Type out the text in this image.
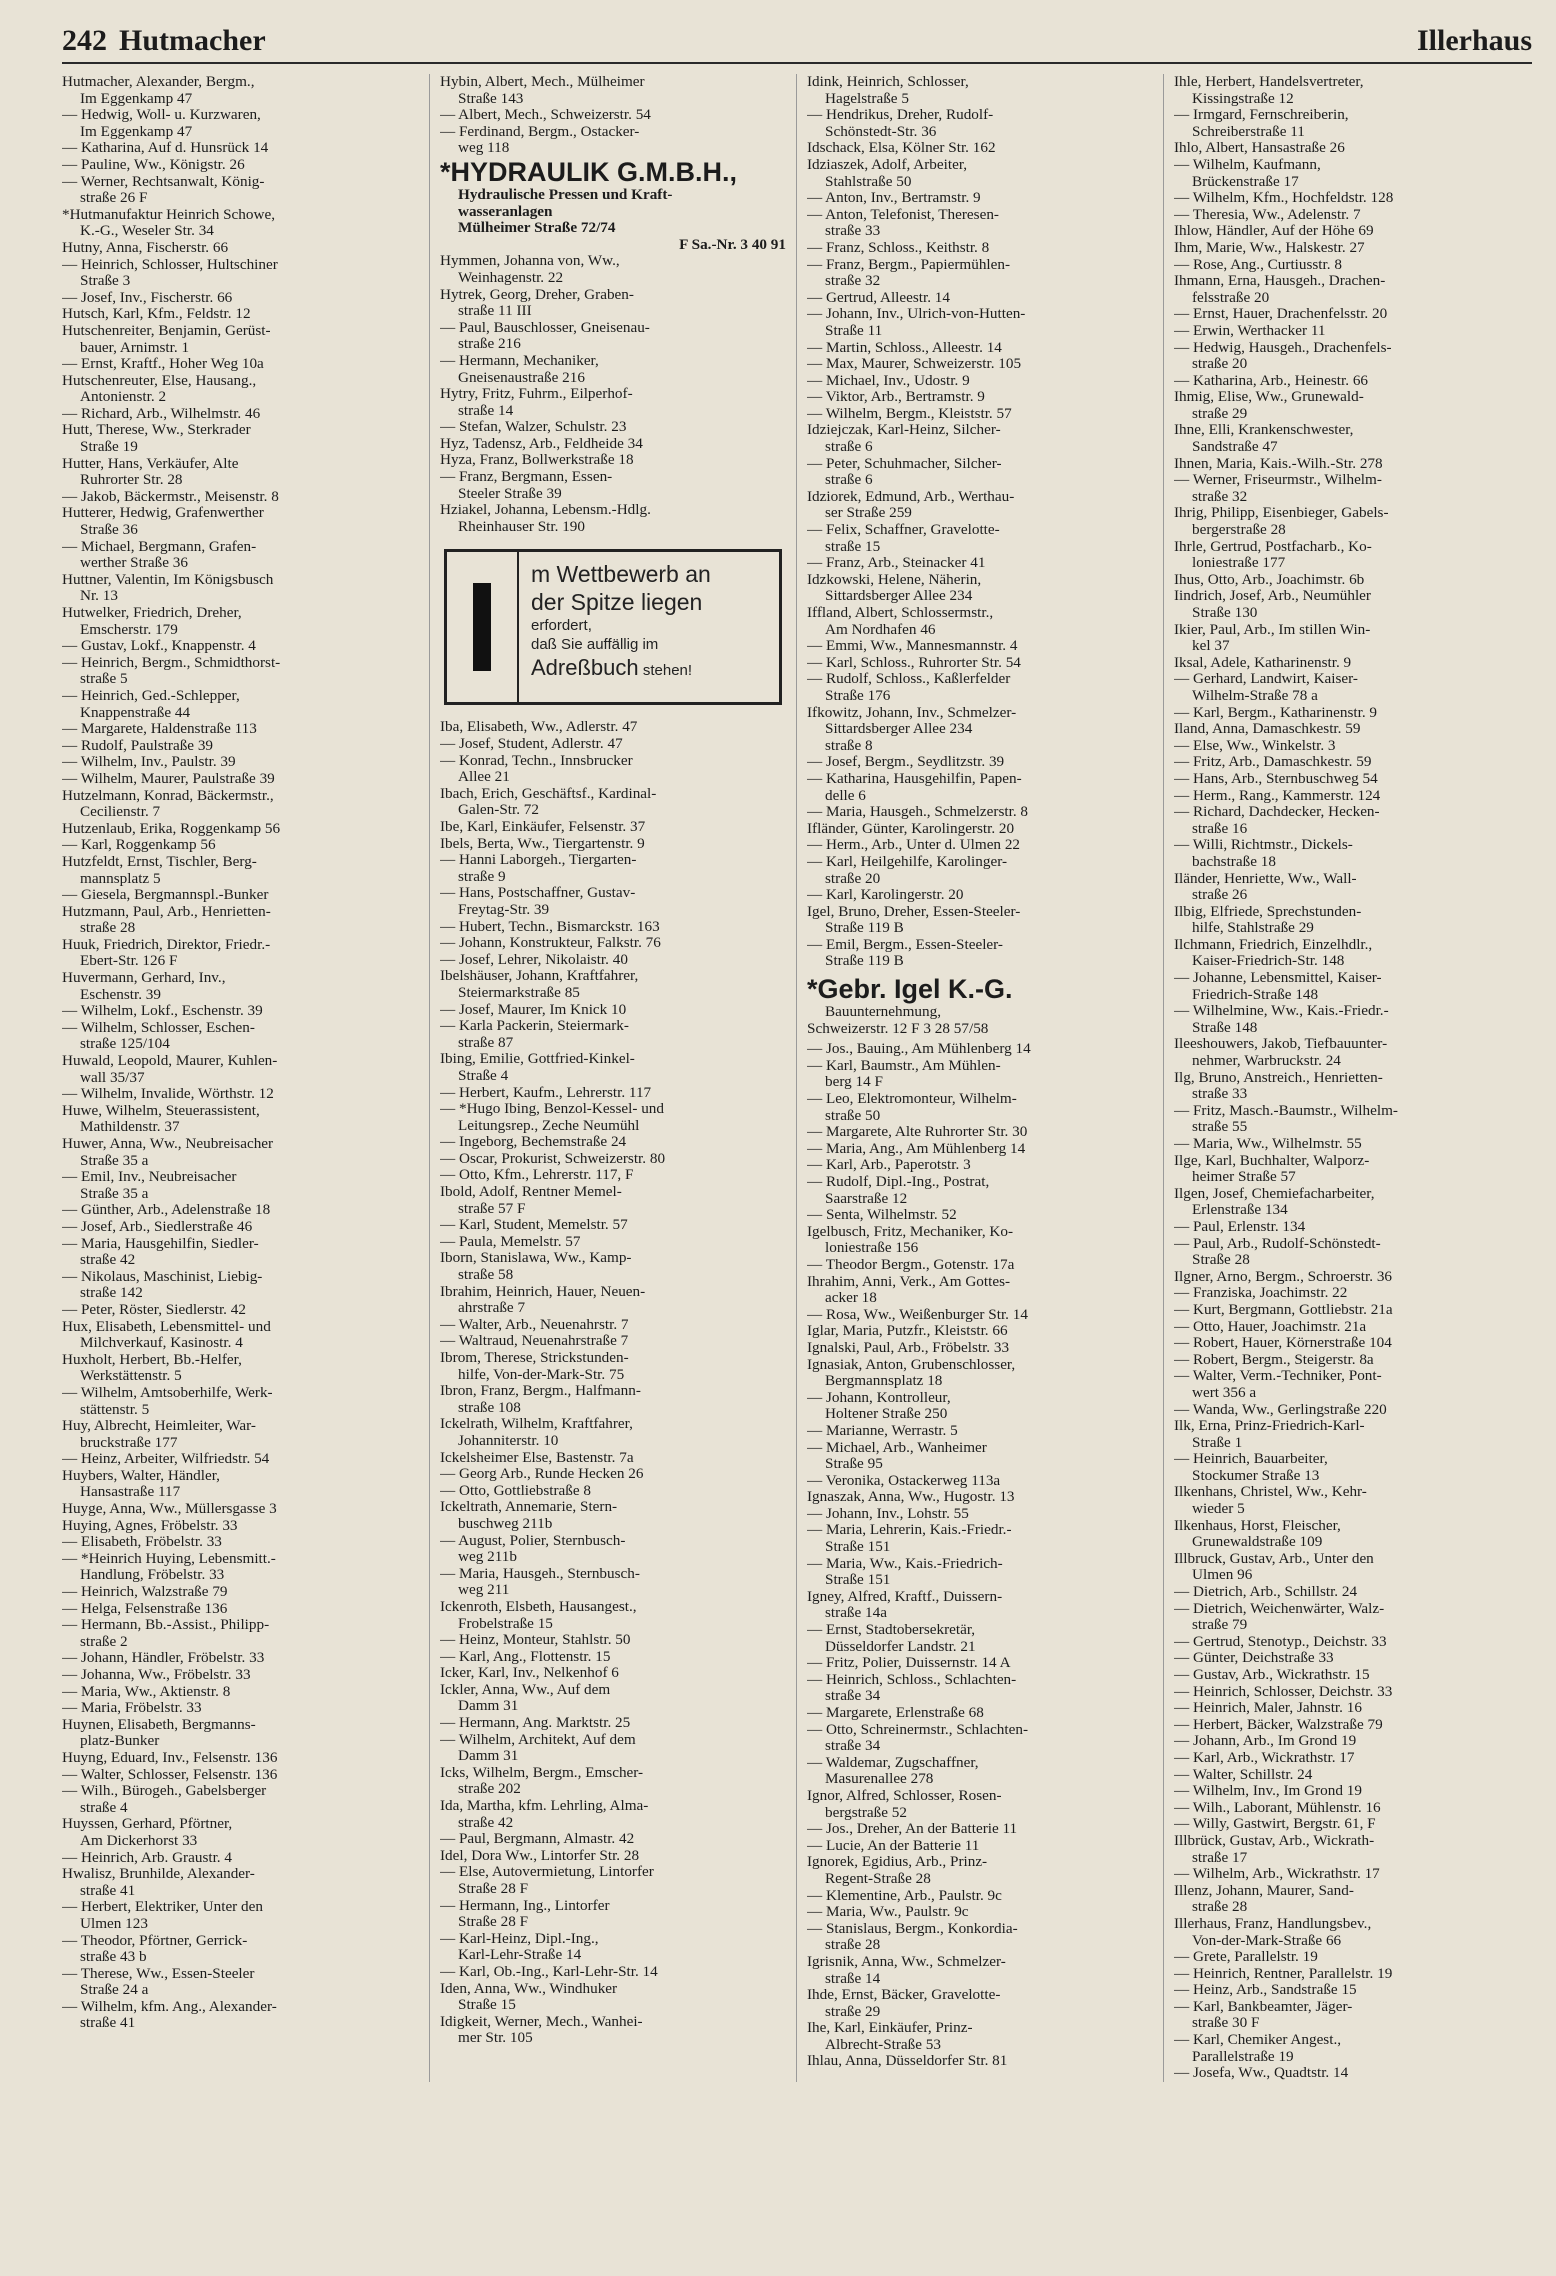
242 Hutmacher	Illerhaus
Hutmacher, Alexander, Bergm.,
Im Eggenkamp 47
— Hedwig, Woll- u. Kurzwaren,
Im Eggenkamp 47
— Katharina, Auf d. Hunsrück 14
— Pauline, Ww., Königstr. 26
— Werner, Rechtsanwalt, König-
straße 26 F
*Hutmanufaktur Heinrich Schowe,
K.-G., Weseler Str. 34
Hutny, Anna, Fischerstr. 66
— Heinrich, Schlosser, Hultschiner
Straße 3
— Josef, Inv., Fischerstr. 66
Hutsch, Karl, Kfm., Feldstr. 12
Hutschenreiter, Benjamin, Gerüst-
bauer, Arnimstr. 1
— Ernst, Kraftf., Hoher Weg 10a
Hutschenreuter, Else, Hausang.,
Antonienstr. 2
— Richard, Arb., Wilhelmstr. 46
Hutt, Therese, Ww., Sterkrader
Straße 19
Hutter, Hans, Verkäufer, Alte
Ruhrorter Str. 28
— Jakob, Bäckermstr., Meisenstr. 8
Hutterer, Hedwig, Grafenwerther
Straße 36
— Michael, Bergmann, Grafen-
werther Straße 36
Huttner, Valentin, Im Königsbusch
Nr. 13
Hutwelker, Friedrich, Dreher,
Emscherstr. 179
— Gustav, Lokf., Knappenstr. 4
— Heinrich, Bergm., Schmidthorst-
straße 5
— Heinrich, Ged.-Schlepper,
Knappenstraße 44
— Margarete, Haldenstraße 113
— Rudolf, Paulstraße 39
— Wilhelm, Inv., Paulstr. 39
— Wilhelm, Maurer, Paulstraße 39
Hutzelmann, Konrad, Bäckermstr.,
Cecilienstr. 7
Hutzenlaub, Erika, Roggenkamp 56
— Karl, Roggenkamp 56
Hutzfeldt, Ernst, Tischler, Berg-
mannsplatz 5
— Giesela, Bergmannspl.-Bunker
Hutzmann, Paul, Arb., Henrietten-
straße 28
Huuk, Friedrich, Direktor, Friedr.-
Ebert-Str. 126 F
Huvermann, Gerhard, Inv.,
Eschenstr. 39
— Wilhelm, Lokf., Eschenstr. 39
— Wilhelm, Schlosser, Eschen-
straße 125/104
Huwald, Leopold, Maurer, Kuhlen-
wall 35/37
— Wilhelm, Invalide, Wörthstr. 12
Huwe, Wilhelm, Steuerassistent,
Mathildenstr. 37
Huwer, Anna, Ww., Neubreisacher
Straße 35 a
— Emil, Inv., Neubreisacher
Straße 35 a
— Günther, Arb., Adelenstraße 18
— Josef, Arb., Siedlerstraße 46
— Maria, Hausgehilfin, Siedler-
straße 42
— Nikolaus, Maschinist, Liebig-
straße 142
— Peter, Röster, Siedlerstr. 42
Hux, Elisabeth, Lebensmittel- und
Milchverkauf, Kasinostr. 4
Huxholt, Herbert, Bb.-Helfer,
Werkstättenstr. 5
— Wilhelm, Amtsoberhilfe, Werk-
stättenstr. 5
Huy, Albrecht, Heimleiter, War-
bruckstraße 177
— Heinz, Arbeiter, Wilfriedstr. 54
Huybers, Walter, Händler,
Hansastraße 117
Huyge, Anna, Ww., Müllersgasse 3
Huying, Agnes, Fröbelstr. 33
— Elisabeth, Fröbelstr. 33
— *Heinrich Huying, Lebensmitt.-
Handlung, Fröbelstr. 33
— Heinrich, Walzstraße 79
— Helga, Felsenstraße 136
— Hermann, Bb.-Assist., Philipp-
straße 2
— Johann, Händler, Fröbelstr. 33
— Johanna, Ww., Fröbelstr. 33
— Maria, Ww., Aktienstr. 8
— Maria, Fröbelstr. 33
Huynen, Elisabeth, Bergmanns-
platz-Bunker
Huyng, Eduard, Inv., Felsenstr. 136
— Walter, Schlosser, Felsenstr. 136
— Wilh., Bürogeh., Gabelsberger
straße 4
Huyssen, Gerhard, Pförtner,
Am Dickerhorst 33
— Heinrich, Arb. Graustr. 4
Hwalisz, Brunhilde, Alexander-
straße 41
— Herbert, Elektriker, Unter den
Ulmen 123
— Theodor, Pförtner, Gerrick-
straße 43 b
— Therese, Ww., Essen-Steeler
Straße 24 a
— Wilhelm, kfm. Ang., Alexander-
straße 41
Hybin, Albert, Mech., Mülheimer
Straße 143
— Albert, Mech., Schweizerstr. 54
— Ferdinand, Bergm., Ostacker-
weg 118
*HYDRAULIK G.M.B.H.,
Hydraulische Pressen und Kraft-
wasseranlagen
Mülheimer Straße 72/74
F Sa.-Nr. 3 40 91
Hymmen, Johanna von, Ww.,
Weinhagenstr. 22
Hytrek, Georg, Dreher, Graben-
straße 11 III
— Paul, Bauschlosser, Gneisenau-
straße 216
— Hermann, Mechaniker,
Gneisenaustraße 216
Hytry, Fritz, Fuhrm., Eilperhof-
straße 14
— Stefan, Walzer, Schulstr. 23
Hyz, Tadensz, Arb., Feldheide 34
Hyza, Franz, Bollwerkstraße 18
— Franz, Bergmann, Essen-
Steeler Straße 39
Hziakel, Johanna, Lebensm.-Hdlg.
Rheinhauser Str. 190
m Wettbewerb an
der Spitze liegen
erfordert,
daß Sie auffällig im
Adreßbuch stehen!
Iba, Elisabeth, Ww., Adlerstr. 47
— Josef, Student, Adlerstr. 47
— Konrad, Techn., Innsbrucker
Allee 21
Ibach, Erich, Geschäftsf., Kardinal-
Galen-Str. 72
Ibe, Karl, Einkäufer, Felsenstr. 37
Ibels, Berta, Ww., Tiergartenstr. 9
— Hanni Laborgeh., Tiergarten-
straße 9
— Hans, Postschaffner, Gustav-
Freytag-Str. 39
— Hubert, Techn., Bismarckstr. 163
— Johann, Konstrukteur, Falkstr. 76
— Josef, Lehrer, Nikolaistr. 40
Ibelshäuser, Johann, Kraftfahrer,
Steiermarkstraße 85
— Josef, Maurer, Im Knick 10
— Karla Packerin, Steiermark-
straße 87
Ibing, Emilie, Gottfried-Kinkel-
Straße 4
— Herbert, Kaufm., Lehrerstr. 117
— *Hugo Ibing, Benzol-Kessel- und
Leitungsrep., Zeche Neumühl
— Ingeborg, Bechemstraße 24
— Oscar, Prokurist, Schweizerstr. 80
— Otto, Kfm., Lehrerstr. 117, F
Ibold, Adolf, Rentner Memel-
straße 57 F
— Karl, Student, Memelstr. 57
— Paula, Memelstr. 57
Iborn, Stanislawa, Ww., Kamp-
straße 58
Ibrahim, Heinrich, Hauer, Neuen-
ahrstraße 7
— Walter, Arb., Neuenahrstr. 7
— Waltraud, Neuenahrstraße 7
Ibrom, Therese, Strickstunden-
hilfe, Von-der-Mark-Str. 75
Ibron, Franz, Bergm., Halfmann-
straße 108
Ickelrath, Wilhelm, Kraftfahrer,
Johanniterstr. 10
Ickelsheimer Else, Bastenstr. 7a
— Georg Arb., Runde Hecken 26
— Otto, Gottliebstraße 8
Ickeltrath, Annemarie, Stern-
buschweg 211b
— August, Polier, Sternbusch-
weg 211b
— Maria, Hausgeh., Sternbusch-
weg 211
Ickenroth, Elsbeth, Hausangest.,
Frobelstraße 15
— Heinz, Monteur, Stahlstr. 50
— Karl, Ang., Flottenstr. 15
Icker, Karl, Inv., Nelkenhof 6
Ickler, Anna, Ww., Auf dem
Damm 31
— Hermann, Ang. Marktstr. 25
— Wilhelm, Architekt, Auf dem
Damm 31
Icks, Wilhelm, Bergm., Emscher-
straße 202
Ida, Martha, kfm. Lehrling, Alma-
straße 42
— Paul, Bergmann, Almastr. 42
Idel, Dora Ww., Lintorfer Str. 28
— Else, Autovermietung, Lintorfer
Straße 28 F
— Hermann, Ing., Lintorfer
Straße 28 F
— Karl-Heinz, Dipl.-Ing.,
Karl-Lehr-Straße 14
— Karl, Ob.-Ing., Karl-Lehr-Str. 14
Iden, Anna, Ww., Windhuker
Straße 15
Idigkeit, Werner, Mech., Wanhei-
mer Str. 105
Idink, Heinrich, Schlosser,
Hagelstraße 5
— Hendrikus, Dreher, Rudolf-
Schönstedt-Str. 36
Idschack, Elsa, Kölner Str. 162
Idziaszek, Adolf, Arbeiter,
Stahlstraße 50
— Anton, Inv., Bertramstr. 9
— Anton, Telefonist, Theresen-
straße 33
— Franz, Schloss., Keithstr. 8
— Franz, Bergm., Papiermühlen-
straße 32
— Gertrud, Alleestr. 14
— Johann, Inv., Ulrich-von-Hutten-
Straße 11
— Martin, Schloss., Alleestr. 14
— Max, Maurer, Schweizerstr. 105
— Michael, Inv., Udostr. 9
— Viktor, Arb., Bertramstr. 9
— Wilhelm, Bergm., Kleiststr. 57
Idziejczak, Karl-Heinz, Silcher-
straße 6
— Peter, Schuhmacher, Silcher-
straße 6
Idziorek, Edmund, Arb., Werthau-
ser Straße 259
— Felix, Schaffner, Gravelotte-
straße 15
— Franz, Arb., Steinacker 41
Idzkowski, Helene, Näherin,
Sittardsberger Allee 234
Iffland, Albert, Schlossermstr.,
Am Nordhafen 46
— Emmi, Ww., Mannesmannstr. 4
— Karl, Schloss., Ruhrorter Str. 54
— Rudolf, Schloss., Kaßlerfelder
Straße 176
Ifkowitz, Johann, Inv., Schmelzer-
Sittardsberger Allee 234
straße 8
— Josef, Bergm., Seydlitzstr. 39
— Katharina, Hausgehilfin, Papen-
delle 6
— Maria, Hausgeh., Schmelzerstr. 8
Ifländer, Günter, Karolingerstr. 20
— Herm., Arb., Unter d. Ulmen 22
— Karl, Heilgehilfe, Karolinger-
straße 20
— Karl, Karolingerstr. 20
Igel, Bruno, Dreher, Essen-Steeler-
Straße 119 B
— Emil, Bergm., Essen-Steeler-
Straße 119 B
*Gebr. Igel K.-G.
Bauunternehmung,
Schweizerstr. 12 F 3 28 57/58
— Jos., Bauing., Am Mühlenberg 14
— Karl, Baumstr., Am Mühlen-
berg 14 F
— Leo, Elektromonteur, Wilhelm-
straße 50
— Margarete, Alte Ruhrorter Str. 30
— Maria, Ang., Am Mühlenberg 14
— Karl, Arb., Paperotstr. 3
— Rudolf, Dipl.-Ing., Postrat,
Saarstraße 12
— Senta, Wilhelmstr. 52
Igelbusch, Fritz, Mechaniker, Ko-
loniestraße 156
— Theodor Bergm., Gotenstr. 17a
Ihrahim, Anni, Verk., Am Gottes-
acker 18
— Rosa, Ww., Weißenburger Str. 14
Iglar, Maria, Putzfr., Kleiststr. 66
Ignalski, Paul, Arb., Fröbelstr. 33
Ignasiak, Anton, Grubenschlosser,
Bergmannsplatz 18
— Johann, Kontrolleur,
Holtener Straße 250
— Marianne, Werrastr. 5
— Michael, Arb., Wanheimer
Straße 95
— Veronika, Ostackerweg 113a
Ignaszak, Anna, Ww., Hugostr. 13
— Johann, Inv., Lohstr. 55
— Maria, Lehrerin, Kais.-Friedr.-
Straße 151
— Maria, Ww., Kais.-Friedrich-
Straße 151
Igney, Alfred, Kraftf., Duissern-
straße 14a
— Ernst, Stadtobersekretär,
Düsseldorfer Landstr. 21
— Fritz, Polier, Duissernstr. 14 A
— Heinrich, Schloss., Schlachten-
straße 34
— Margarete, Erlenstraße 68
— Otto, Schreinermstr., Schlachten-
straße 34
— Waldemar, Zugschaffner,
Masurenallee 278
Ignor, Alfred, Schlosser, Rosen-
bergstraße 52
— Jos., Dreher, An der Batterie 11
— Lucie, An der Batterie 11
Ignorek, Egidius, Arb., Prinz-
Regent-Straße 28
— Klementine, Arb., Paulstr. 9c
— Maria, Ww., Paulstr. 9c
— Stanislaus, Bergm., Konkordia-
straße 28
Igrisnik, Anna, Ww., Schmelzer-
straße 14
Ihde, Ernst, Bäcker, Gravelotte-
straße 29
Ihe, Karl, Einkäufer, Prinz-
Albrecht-Straße 53
Ihlau, Anna, Düsseldorfer Str. 81
Ihle, Herbert, Handelsvertreter,
Kissingstraße 12
— Irmgard, Fernschreiberin,
Schreiberstraße 11
Ihlo, Albert, Hansastraße 26
— Wilhelm, Kaufmann,
Brückenstraße 17
— Wilhelm, Kfm., Hochfeldstr. 128
— Theresia, Ww., Adelenstr. 7
Ihlow, Händler, Auf der Höhe 69
Ihm, Marie, Ww., Halskestr. 27
— Rose, Ang., Curtiusstr. 8
Ihmann, Erna, Hausgeh., Drachen-
felsstraße 20
— Ernst, Hauer, Drachenfelsstr. 20
— Erwin, Werthacker 11
— Hedwig, Hausgeh., Drachenfels-
straße 20
— Katharina, Arb., Heinestr. 66
Ihmig, Elise, Ww., Grunewald-
straße 29
Ihne, Elli, Krankenschwester,
Sandstraße 47
Ihnen, Maria, Kais.-Wilh.-Str. 278
— Werner, Friseurmstr., Wilhelm-
straße 32
Ihrig, Philipp, Eisenbieger, Gabels-
bergerstraße 28
Ihrle, Gertrud, Postfacharb., Ko-
loniestraße 177
Ihus, Otto, Arb., Joachimstr. 6b
Iindrich, Josef, Arb., Neumühler
Straße 130
Ikier, Paul, Arb., Im stillen Win-
kel 37
Iksal, Adele, Katharinenstr. 9
— Gerhard, Landwirt, Kaiser-
Wilhelm-Straße 78 a
— Karl, Bergm., Katharinenstr. 9
Iland, Anna, Damaschkestr. 59
— Else, Ww., Winkelstr. 3
— Fritz, Arb., Damaschkestr. 59
— Hans, Arb., Sternbuschweg 54
— Herm., Rang., Kammerstr. 124
— Richard, Dachdecker, Hecken-
straße 16
— Willi, Richtmstr., Dickels-
bachstraße 18
Iländer, Henriette, Ww., Wall-
straße 26
Ilbig, Elfriede, Sprechstunden-
hilfe, Stahlstraße 29
Ilchmann, Friedrich, Einzelhdlr.,
Kaiser-Friedrich-Str. 148
— Johanne, Lebensmittel, Kaiser-
Friedrich-Straße 148
— Wilhelmine, Ww., Kais.-Friedr.-
Straße 148
Ileeshouwers, Jakob, Tiefbauunter-
nehmer, Warbruckstr. 24
Ilg, Bruno, Anstreich., Henrietten-
straße 33
— Fritz, Masch.-Baumstr., Wilhelm-
straße 55
— Maria, Ww., Wilhelmstr. 55
Ilge, Karl, Buchhalter, Walporz-
heimer Straße 57
Ilgen, Josef, Chemiefacharbeiter,
Erlenstraße 134
— Paul, Erlenstr. 134
— Paul, Arb., Rudolf-Schönstedt-
Straße 28
Ilgner, Arno, Bergm., Schroerstr. 36
— Franziska, Joachimstr. 22
— Kurt, Bergmann, Gottliebstr. 21a
— Otto, Hauer, Joachimstr. 21a
— Robert, Hauer, Körnerstraße 104
— Robert, Bergm., Steigerstr. 8a
— Walter, Verm.-Techniker, Pont-
wert 356 a
— Wanda, Ww., Gerlingstraße 220
Ilk, Erna, Prinz-Friedrich-Karl-
Straße 1
— Heinrich, Bauarbeiter,
Stockumer Straße 13
Ilkenhans, Christel, Ww., Kehr-
wieder 5
Ilkenhaus, Horst, Fleischer,
Grunewaldstraße 109
Illbruck, Gustav, Arb., Unter den
Ulmen 96
— Dietrich, Arb., Schillstr. 24
— Dietrich, Weichenwärter, Walz-
straße 79
— Gertrud, Stenotyp., Deichstr. 33
— Günter, Deichstraße 33
— Gustav, Arb., Wickrathstr. 15
— Heinrich, Schlosser, Deichstr. 33
— Heinrich, Maler, Jahnstr. 16
— Herbert, Bäcker, Walzstraße 79
— Johann, Arb., Im Grond 19
— Karl, Arb., Wickrathstr. 17
— Walter, Schillstr. 24
— Wilhelm, Inv., Im Grond 19
— Wilh., Laborant, Mühlenstr. 16
— Willy, Gastwirt, Bergstr. 61, F
Illbrück, Gustav, Arb., Wickrath-
straße 17
— Wilhelm, Arb., Wickrathstr. 17
Illenz, Johann, Maurer, Sand-
straße 28
Illerhaus, Franz, Handlungsbev.,
Von-der-Mark-Straße 66
— Grete, Parallelstr. 19
— Heinrich, Rentner, Parallelstr. 19
— Heinz, Arb., Sandstraße 15
— Karl, Bankbeamter, Jäger-
straße 30 F
— Karl, Chemiker Angest.,
Parallelstraße 19
— Josefa, Ww., Quadtstr. 14
